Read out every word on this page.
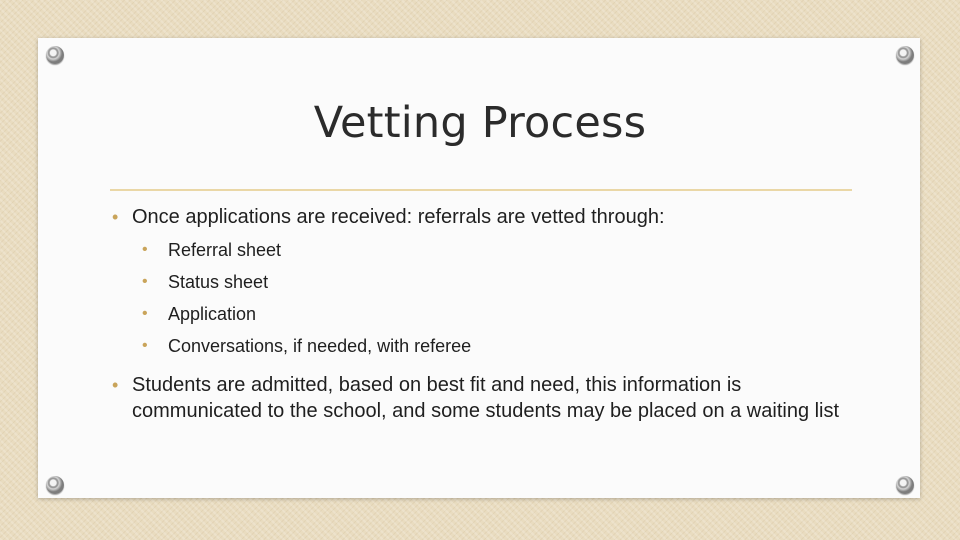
Vetting Process
• Once applications are received: referrals are vetted through:
• Referral sheet
• Status sheet
• Application
• Conversations, if needed, with referee
• Students are admitted, based on best fit and need, this information is communicated to the school, and some students may be placed on a waiting list
